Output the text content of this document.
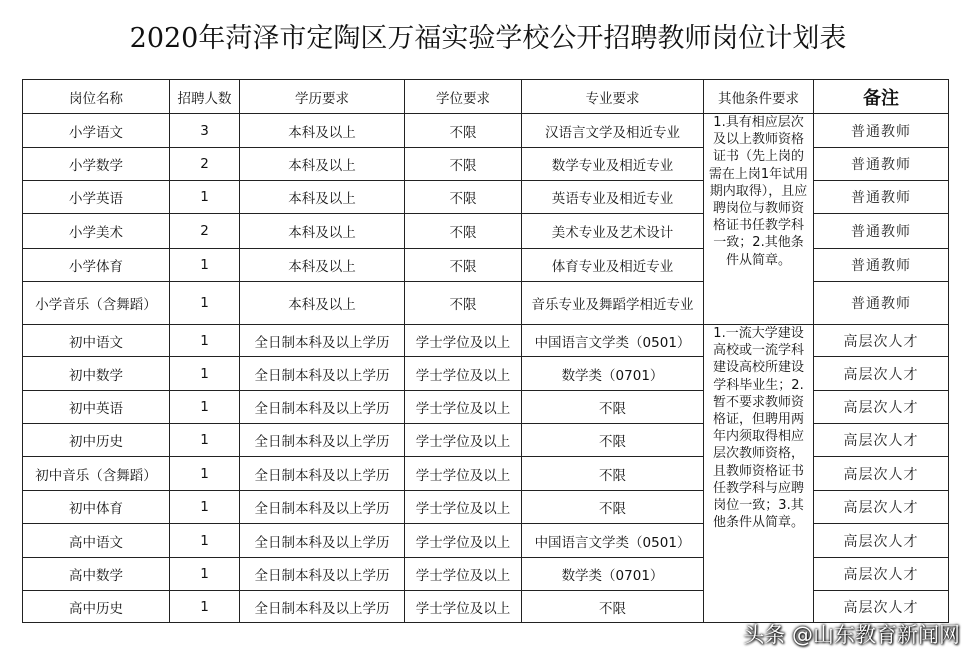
2020年菏泽市定陶区万福实验学校公开招聘教师岗位计划表
岗位名称	招聘人数	学历要求	学位要求	专业要求	其他条件要求	备注
小学语文	3	本科及以上	不限	汉语言文学及相近专业	1.具有相应层次及以上教师资格证书（先上岗的需在上岗1年试用期内取得），且应聘岗位与教师资格证书任教学科一致；2.其他条件从简章。	普通教师
小学数学	2	本科及以上	不限	数学专业及相近专业		普通教师
小学英语	1	本科及以上	不限	英语专业及相近专业		普通教师
小学美术	2	本科及以上	不限	美术专业及艺术设计		普通教师
小学体育	1	本科及以上	不限	体育专业及相近专业		普通教师
小学音乐（含舞蹈）	1	本科及以上	不限	音乐专业及舞蹈学相近专业		普通教师
初中语文	1	全日制本科及以上学历	学士学位及以上	中国语言文学类（0501）	1.一流大学建设高校或一流学科建设高校所建设学科毕业生；2.暂不要求教师资格证，但聘用两年内须取得相应层次教师资格，且教师资格证书任教学科与应聘岗位一致；3.其他条件从简章。	高层次人才
初中数学	1	全日制本科及以上学历	学士学位及以上	数学类（0701）		高层次人才
初中英语	1	全日制本科及以上学历	学士学位及以上	不限		高层次人才
初中历史	1	全日制本科及以上学历	学士学位及以上	不限		高层次人才
初中音乐（含舞蹈）	1	全日制本科及以上学历	学士学位及以上	不限		高层次人才
初中体育	1	全日制本科及以上学历	学士学位及以上	不限		高层次人才
高中语文	1	全日制本科及以上学历	学士学位及以上	中国语言文学类（0501）		高层次人才
高中数学	1	全日制本科及以上学历	学士学位及以上	数学类（0701）		高层次人才
高中历史	1	全日制本科及以上学历	学士学位及以上	不限		高层次人才
头条 @山东教育新闻网
